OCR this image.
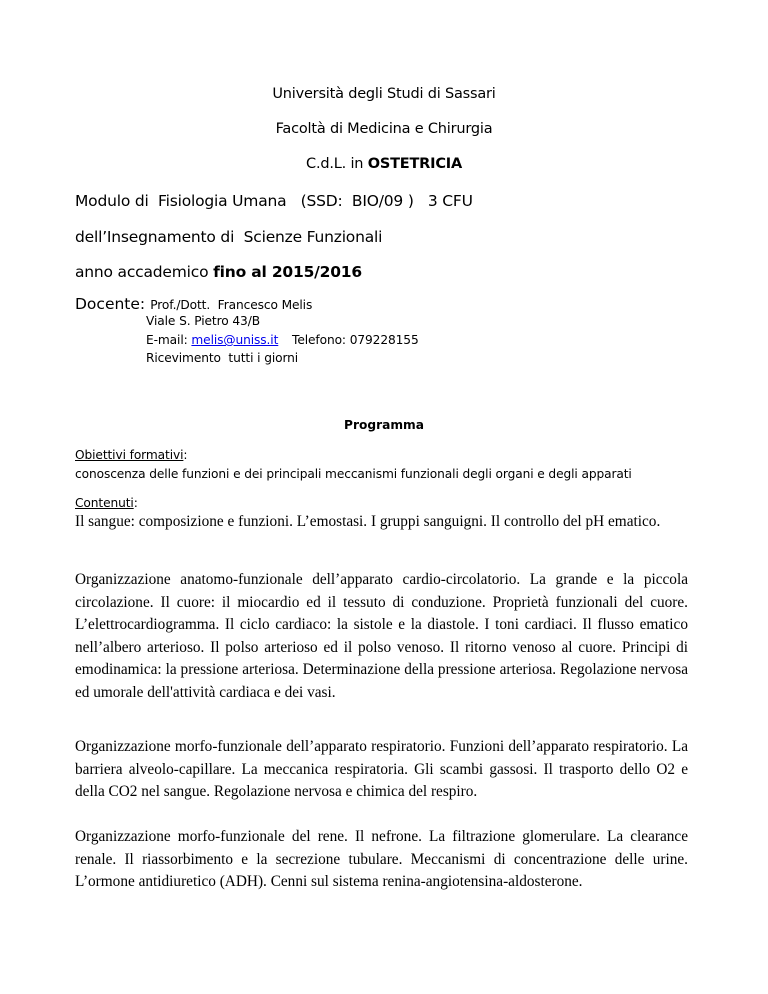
Università degli Studi di Sassari
Facoltà di Medicina e Chirurgia
C.d.L. in OSTETRICIA
Modulo di  Fisiologia Umana   (SSD:  BIO/09 )   3 CFU
dell’Insegnamento di  Scienze Funzionali
anno accademico fino al 2015/2016
Docente: Prof./Dott.  Francesco Melis
Viale S. Pietro 43/B
E-mail: melis@uniss.it Telefono: 079228155
Ricevimento  tutti i giorni
Programma
Obiettivi formativi:
conoscenza delle funzioni e dei principali meccanismi funzionali degli organi e degli apparati
Contenuti:
Il sangue: composizione e funzioni. L’emostasi. I gruppi sanguigni. Il controllo del pH ematico.
Organizzazione anatomo-funzionale dell’apparato cardio-circolatorio. La grande e la piccola circolazione. Il cuore: il miocardio ed il tessuto di conduzione. Proprietà funzionali del cuore. L’elettrocardiogramma. Il ciclo cardiaco: la sistole e la diastole. I toni cardiaci. Il flusso ematico nell’albero arterioso. Il polso arterioso ed il polso venoso. Il ritorno venoso al cuore. Principi di emodinamica: la pressione arteriosa. Determinazione della pressione arteriosa. Regolazione nervosa ed umorale dell'attività cardiaca e dei vasi.
Organizzazione morfo-funzionale dell’apparato respiratorio. Funzioni dell’apparato respiratorio. La barriera alveolo-capillare. La meccanica respiratoria. Gli scambi gassosi. Il trasporto dello O2 e della CO2 nel sangue. Regolazione nervosa e chimica del respiro.
Organizzazione morfo-funzionale del rene. Il nefrone. La filtrazione glomerulare. La clearance renale. Il riassorbimento e la secrezione tubulare. Meccanismi di concentrazione delle urine. L’ormone antidiuretico (ADH). Cenni sul sistema renina-angiotensina-aldosterone.
